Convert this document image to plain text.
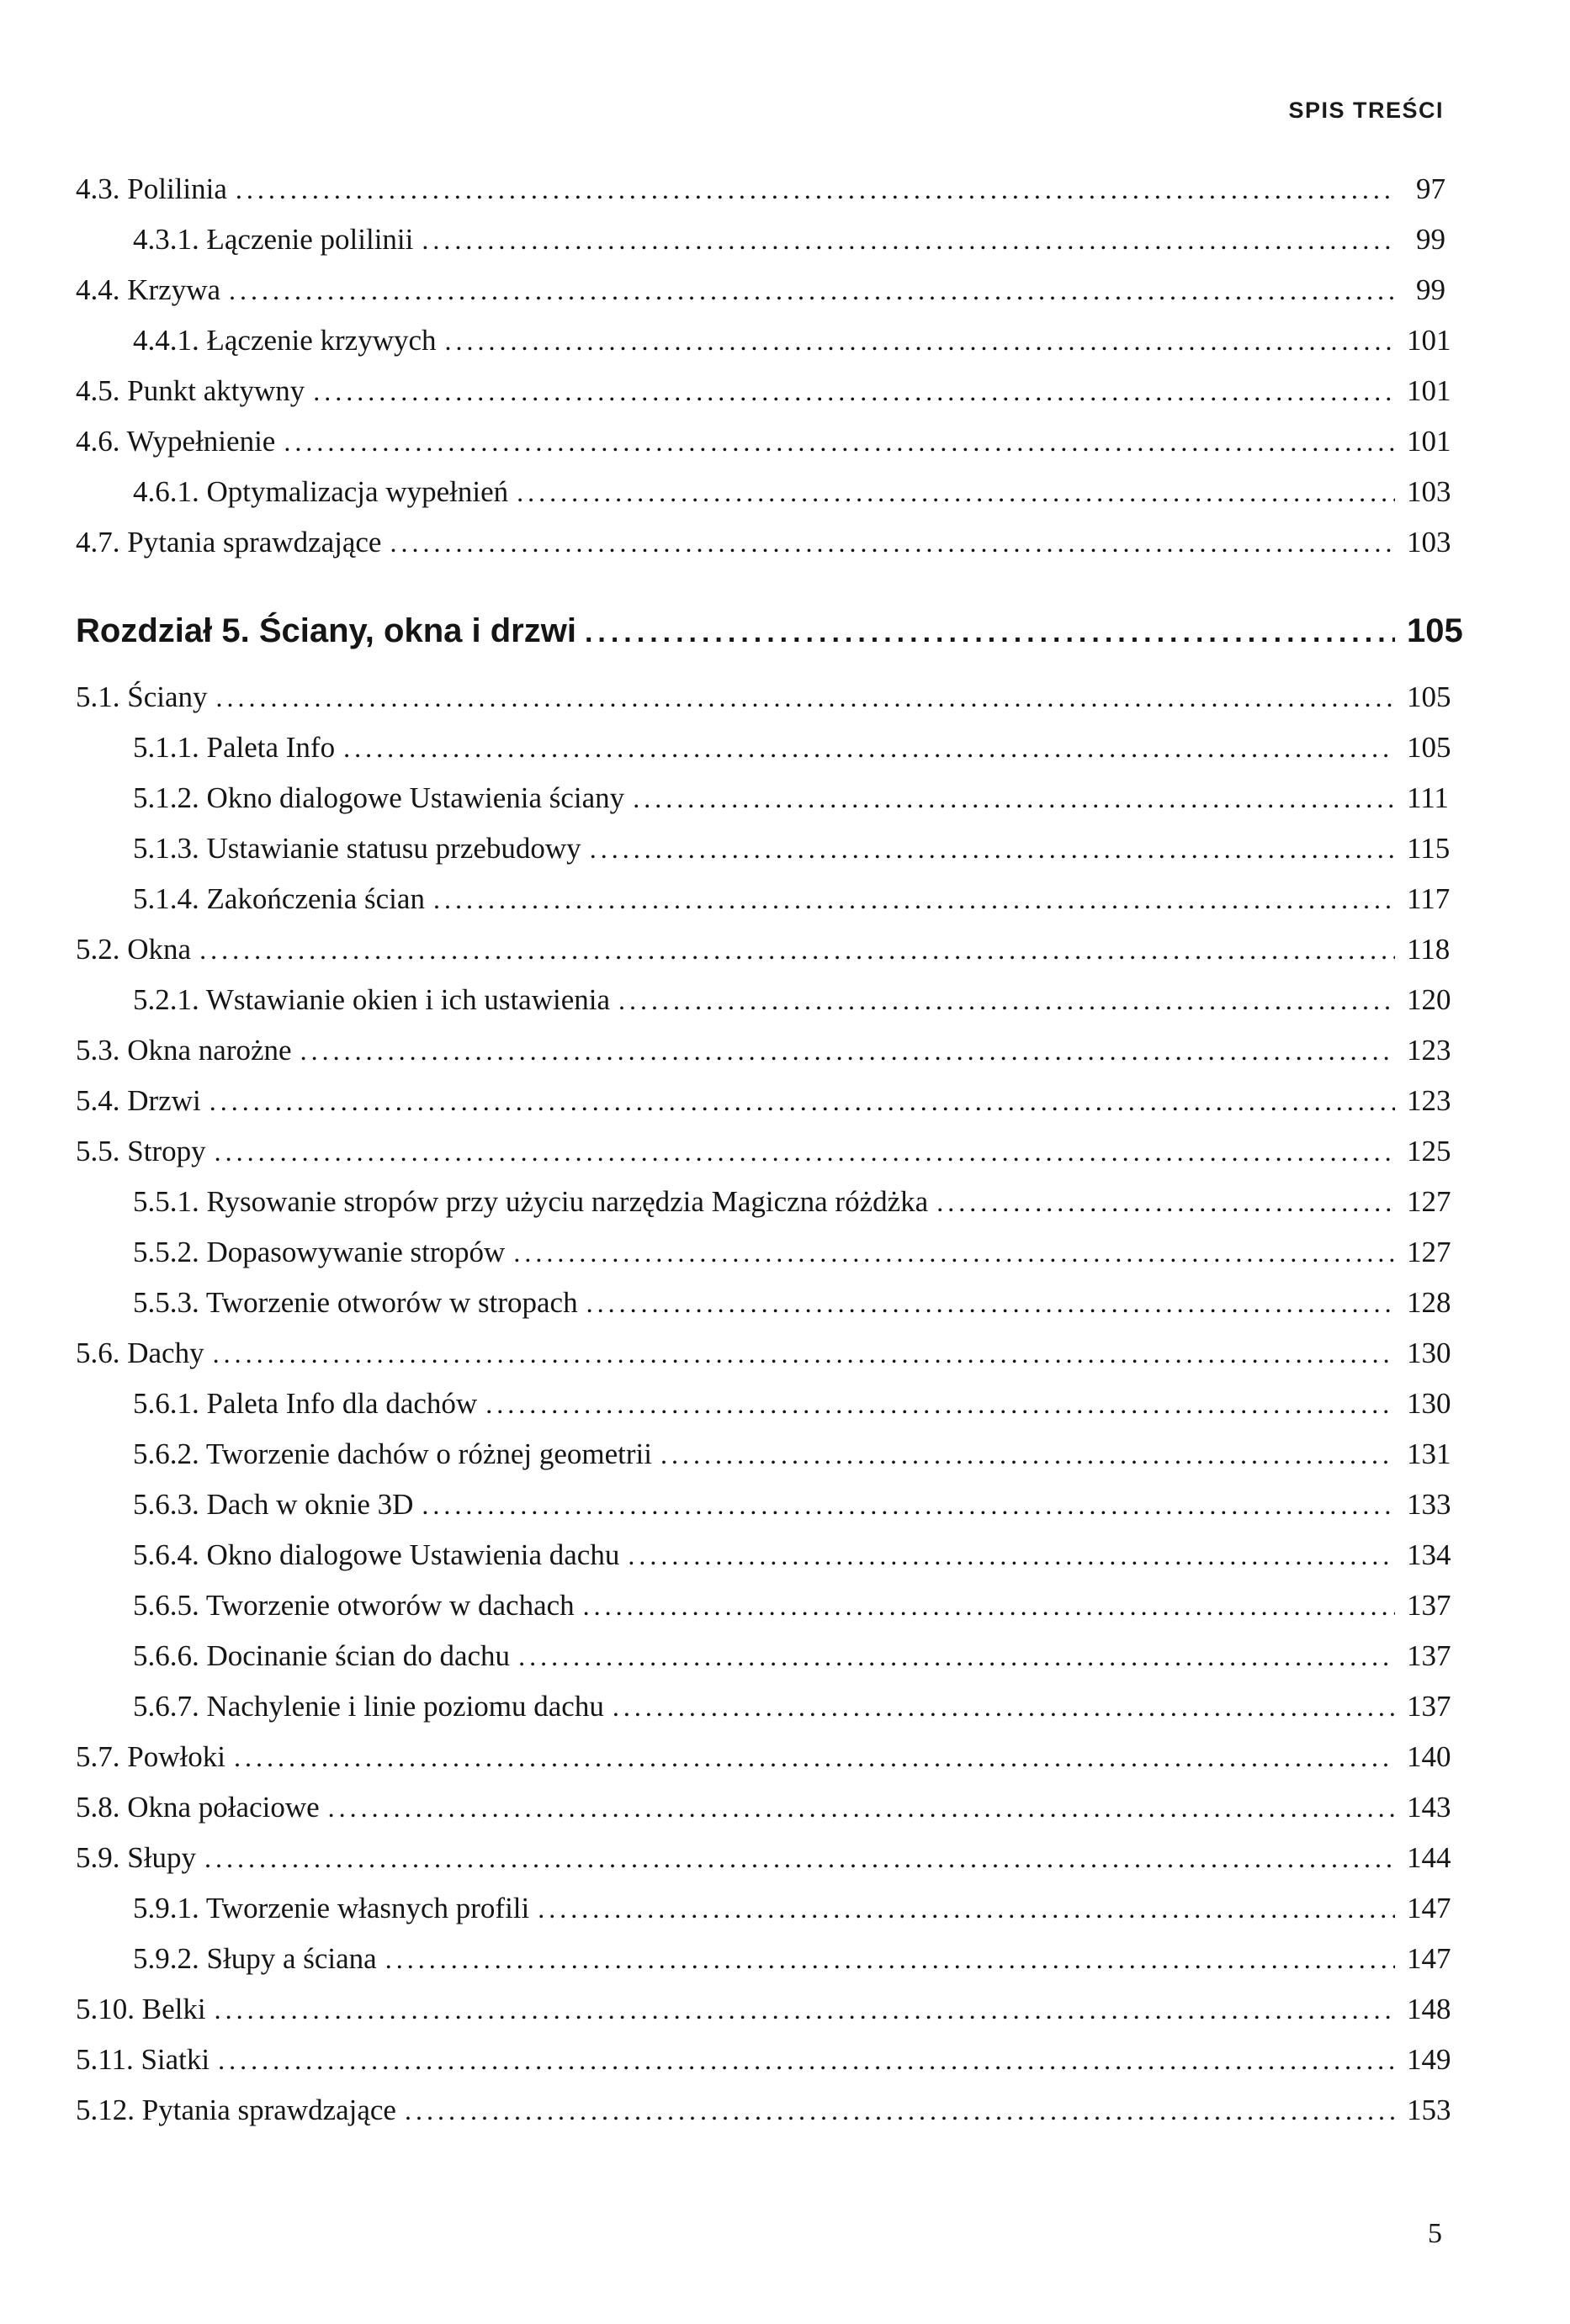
SPIS TREŚCI
4.3. Polilinia .....	97
4.3.1. Łączenie polilinii .....	99
4.4. Krzywa .....	99
4.4.1. Łączenie krzywych .....	101
4.5. Punkt aktywny .....	101
4.6. Wypełnienie .....	101
4.6.1. Optymalizacja wypełnień .....	103
4.7. Pytania sprawdzające .....	103
Rozdział 5. Ściany, okna i drzwi .....	105
5.1. Ściany .....	105
5.1.1. Paleta Info .....	105
5.1.2. Okno dialogowe Ustawienia ściany .....	111
5.1.3. Ustawianie statusu przebudowy .....	115
5.1.4. Zakończenia ścian .....	117
5.2. Okna .....	118
5.2.1. Wstawianie okien i ich ustawienia .....	120
5.3. Okna narożne .....	123
5.4. Drzwi .....	123
5.5. Stropy .....	125
5.5.1. Rysowanie stropów przy użyciu narzędzia Magiczna różdżka .....	127
5.5.2. Dopasowywanie stropów .....	127
5.5.3. Tworzenie otworów w stropach .....	128
5.6. Dachy .....	130
5.6.1. Paleta Info dla dachów .....	130
5.6.2. Tworzenie dachów o różnej geometrii .....	131
5.6.3. Dach w oknie 3D .....	133
5.6.4. Okno dialogowe Ustawienia dachu .....	134
5.6.5. Tworzenie otworów w dachach .....	137
5.6.6. Docinanie ścian do dachu .....	137
5.6.7. Nachylenie i linie poziomu dachu .....	137
5.7. Powłoki .....	140
5.8. Okna połaciowe .....	143
5.9. Słupy .....	144
5.9.1. Tworzenie własnych profili .....	147
5.9.2. Słupy a ściana .....	147
5.10. Belki .....	148
5.11. Siatki .....	149
5.12. Pytania sprawdzające .....	153
5
